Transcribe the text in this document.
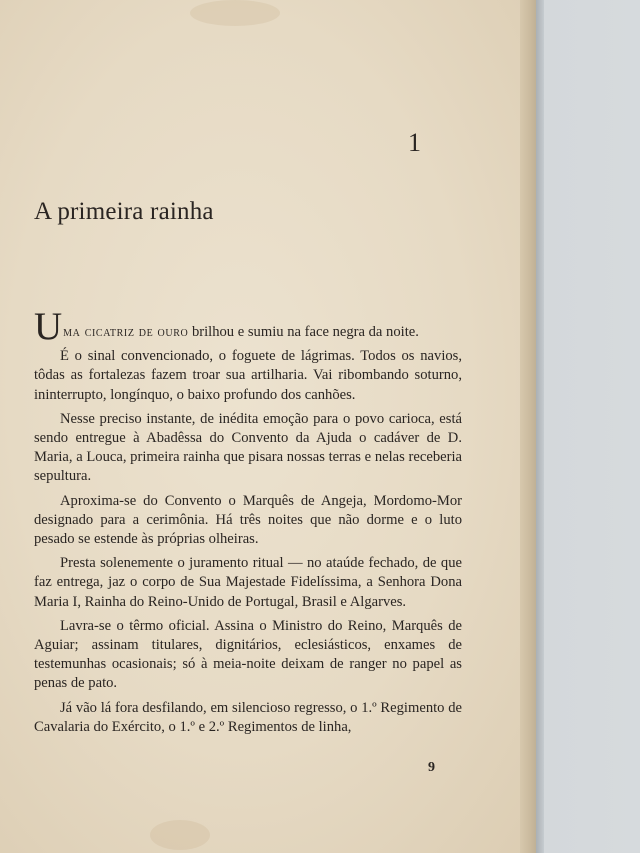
1
A primeira rainha

Uma cicatriz de ouro brilhou e sumiu na face negra da noite.

É o sinal convencionado, o foguete de lágrimas. Todos os navios, tôdas as fortalezas fazem troar sua artilharia. Vai ribombando soturno, ininterrupto, longínquo, o baixo profundo dos canhões.

Nesse preciso instante, de inédita emoção para o povo carioca, está sendo entregue à Abadêssa do Convento da Ajuda o cadáver de D. Maria, a Louca, primeira rainha que pisara nossas terras e nelas receberia sepultura.

Aproxima-se do Convento o Marquês de Angeja, Mordomo-Mor designado para a cerimônia. Há três noites que não dorme e o luto pesado se estende às próprias olheiras.

Presta solenemente o juramento ritual — no ataúde fechado, de que faz entrega, jaz o corpo de Sua Majestade Fidelíssima, a Senhora Dona Maria I, Rainha do Reino-Unido de Portugal, Brasil e Algarves.

Lavra-se o têrmo oficial. Assina o Ministro do Reino, Marquês de Aguiar; assinam titulares, dignitários, eclesiásticos, enxames de testemunhas ocasionais; só à meia-noite deixam de ranger no papel as penas de pato.

Já vão lá fora desfilando, em silencioso regresso, o 1.º Regimento de Cavalaria do Exército, o 1.º e 2.º Regimentos de linha,

9
